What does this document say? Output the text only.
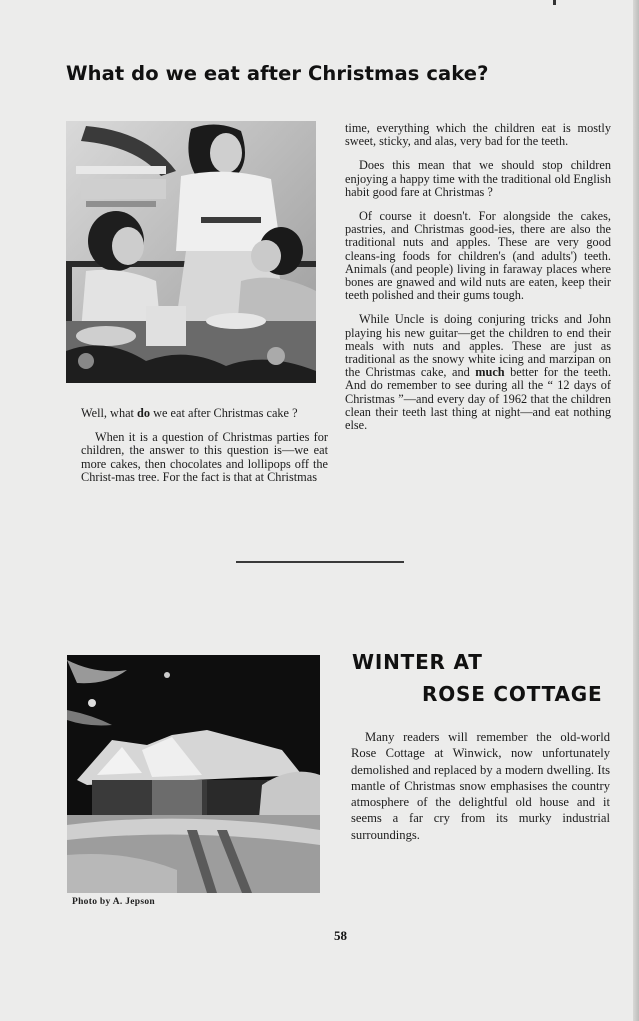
What do we eat after Christmas cake?

Well, what do we eat after Christmas cake ?

When it is a question of Christmas parties for children, the answer to this question is—we eat more cakes, then chocolates and lollipops off the Christ-mas tree. For the fact is that at Christmas

time, everything which the children eat is mostly sweet, sticky, and alas, very bad for the teeth.

Does this mean that we should stop children enjoying a happy time with the traditional old English habit good fare at Christmas ?

Of course it doesn't. For alongside the cakes, pastries, and Christmas good-ies, there are also the traditional nuts and apples. These are very good cleans-ing foods for children's (and adults') teeth. Animals (and people) living in faraway places where bones are gnawed and wild nuts are eaten, keep their teeth polished and their gums tough.

While Uncle is doing conjuring tricks and John playing his new guitar—get the children to end their meals with nuts and apples. These are just as traditional as the snowy white icing and marzipan on the Christmas cake, and much better for the teeth. And do remember to see during all the “ 12 days of Christmas ”—and every day of 1962 that the children clean their teeth last thing at night—and eat nothing else.

WINTER AT
ROSE COTTAGE

Many readers will remember the old-world Rose Cottage at Winwick, now unfortunately demolished and replaced by a modern dwelling. Its mantle of Christmas snow emphasises the country atmosphere of the delightful old house and it seems a far cry from its murky industrial surroundings.

Photo by A. Jepson
58
